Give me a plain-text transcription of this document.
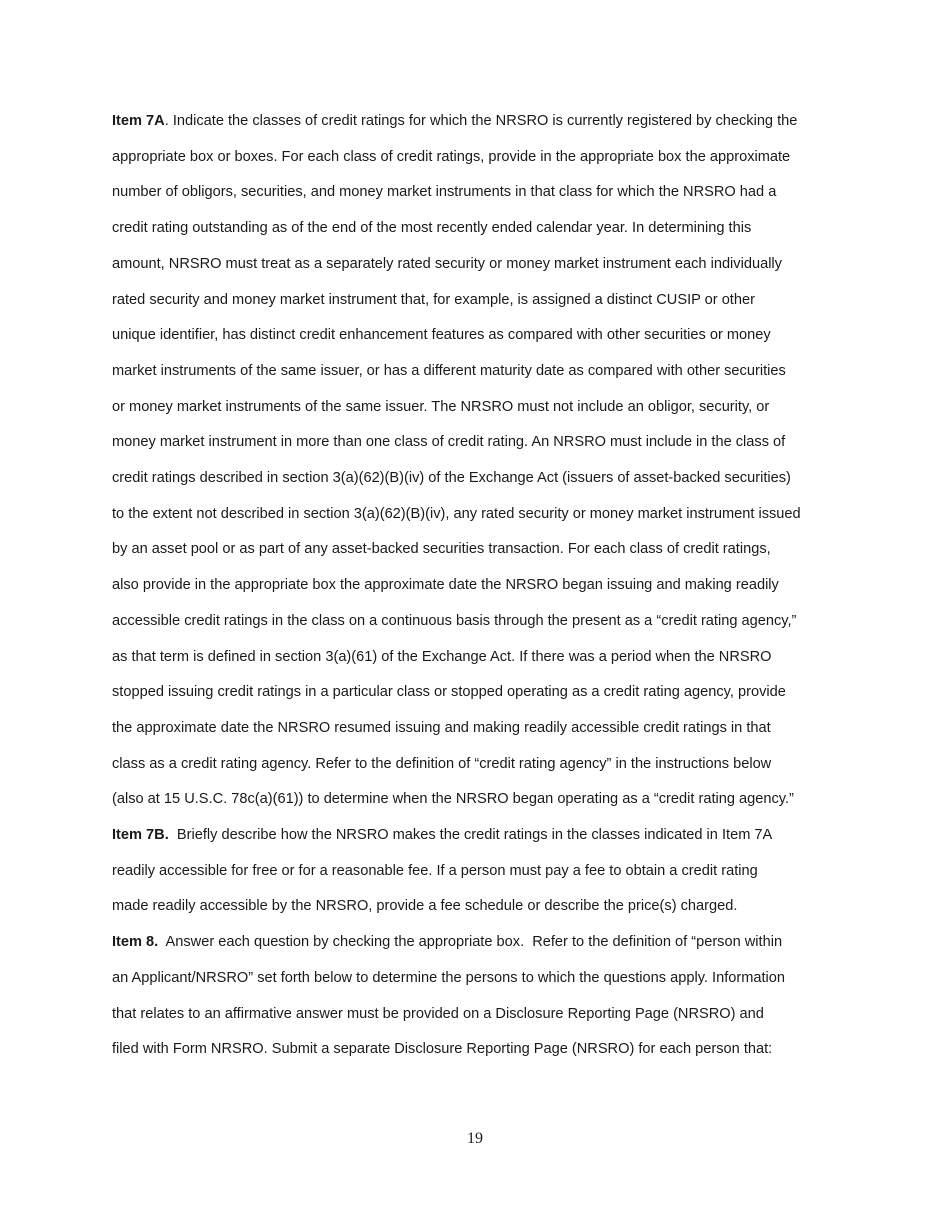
Item 7A. Indicate the classes of credit ratings for which the NRSRO is currently registered by checking the
appropriate box or boxes. For each class of credit ratings, provide in the appropriate box the approximate
number of obligors, securities, and money market instruments in that class for which the NRSRO had a
credit rating outstanding as of the end of the most recently ended calendar year. In determining this
amount, NRSRO must treat as a separately rated security or money market instrument each individually
rated security and money market instrument that, for example, is assigned a distinct CUSIP or other
unique identifier, has distinct credit enhancement features as compared with other securities or money
market instruments of the same issuer, or has a different maturity date as compared with other securities
or money market instruments of the same issuer. The NRSRO must not include an obligor, security, or
money market instrument in more than one class of credit rating. An NRSRO must include in the class of
credit ratings described in section 3(a)(62)(B)(iv) of the Exchange Act (issuers of asset-backed securities)
to the extent not described in section 3(a)(62)(B)(iv), any rated security or money market instrument issued
by an asset pool or as part of any asset-backed securities transaction. For each class of credit ratings,
also provide in the appropriate box the approximate date the NRSRO began issuing and making readily
accessible credit ratings in the class on a continuous basis through the present as a “credit rating agency,”
as that term is defined in section 3(a)(61) of the Exchange Act. If there was a period when the NRSRO
stopped issuing credit ratings in a particular class or stopped operating as a credit rating agency, provide
the approximate date the NRSRO resumed issuing and making readily accessible credit ratings in that
class as a credit rating agency. Refer to the definition of “credit rating agency” in the instructions below
(also at 15 U.S.C. 78c(a)(61)) to determine when the NRSRO began operating as a “credit rating agency.”
Item 7B.  Briefly describe how the NRSRO makes the credit ratings in the classes indicated in Item 7A
readily accessible for free or for a reasonable fee. If a person must pay a fee to obtain a credit rating
made readily accessible by the NRSRO, provide a fee schedule or describe the price(s) charged.
Item 8.  Answer each question by checking the appropriate box.  Refer to the definition of “person within
an Applicant/NRSRO” set forth below to determine the persons to which the questions apply. Information
that relates to an affirmative answer must be provided on a Disclosure Reporting Page (NRSRO) and
filed with Form NRSRO. Submit a separate Disclosure Reporting Page (NRSRO) for each person that:
19
